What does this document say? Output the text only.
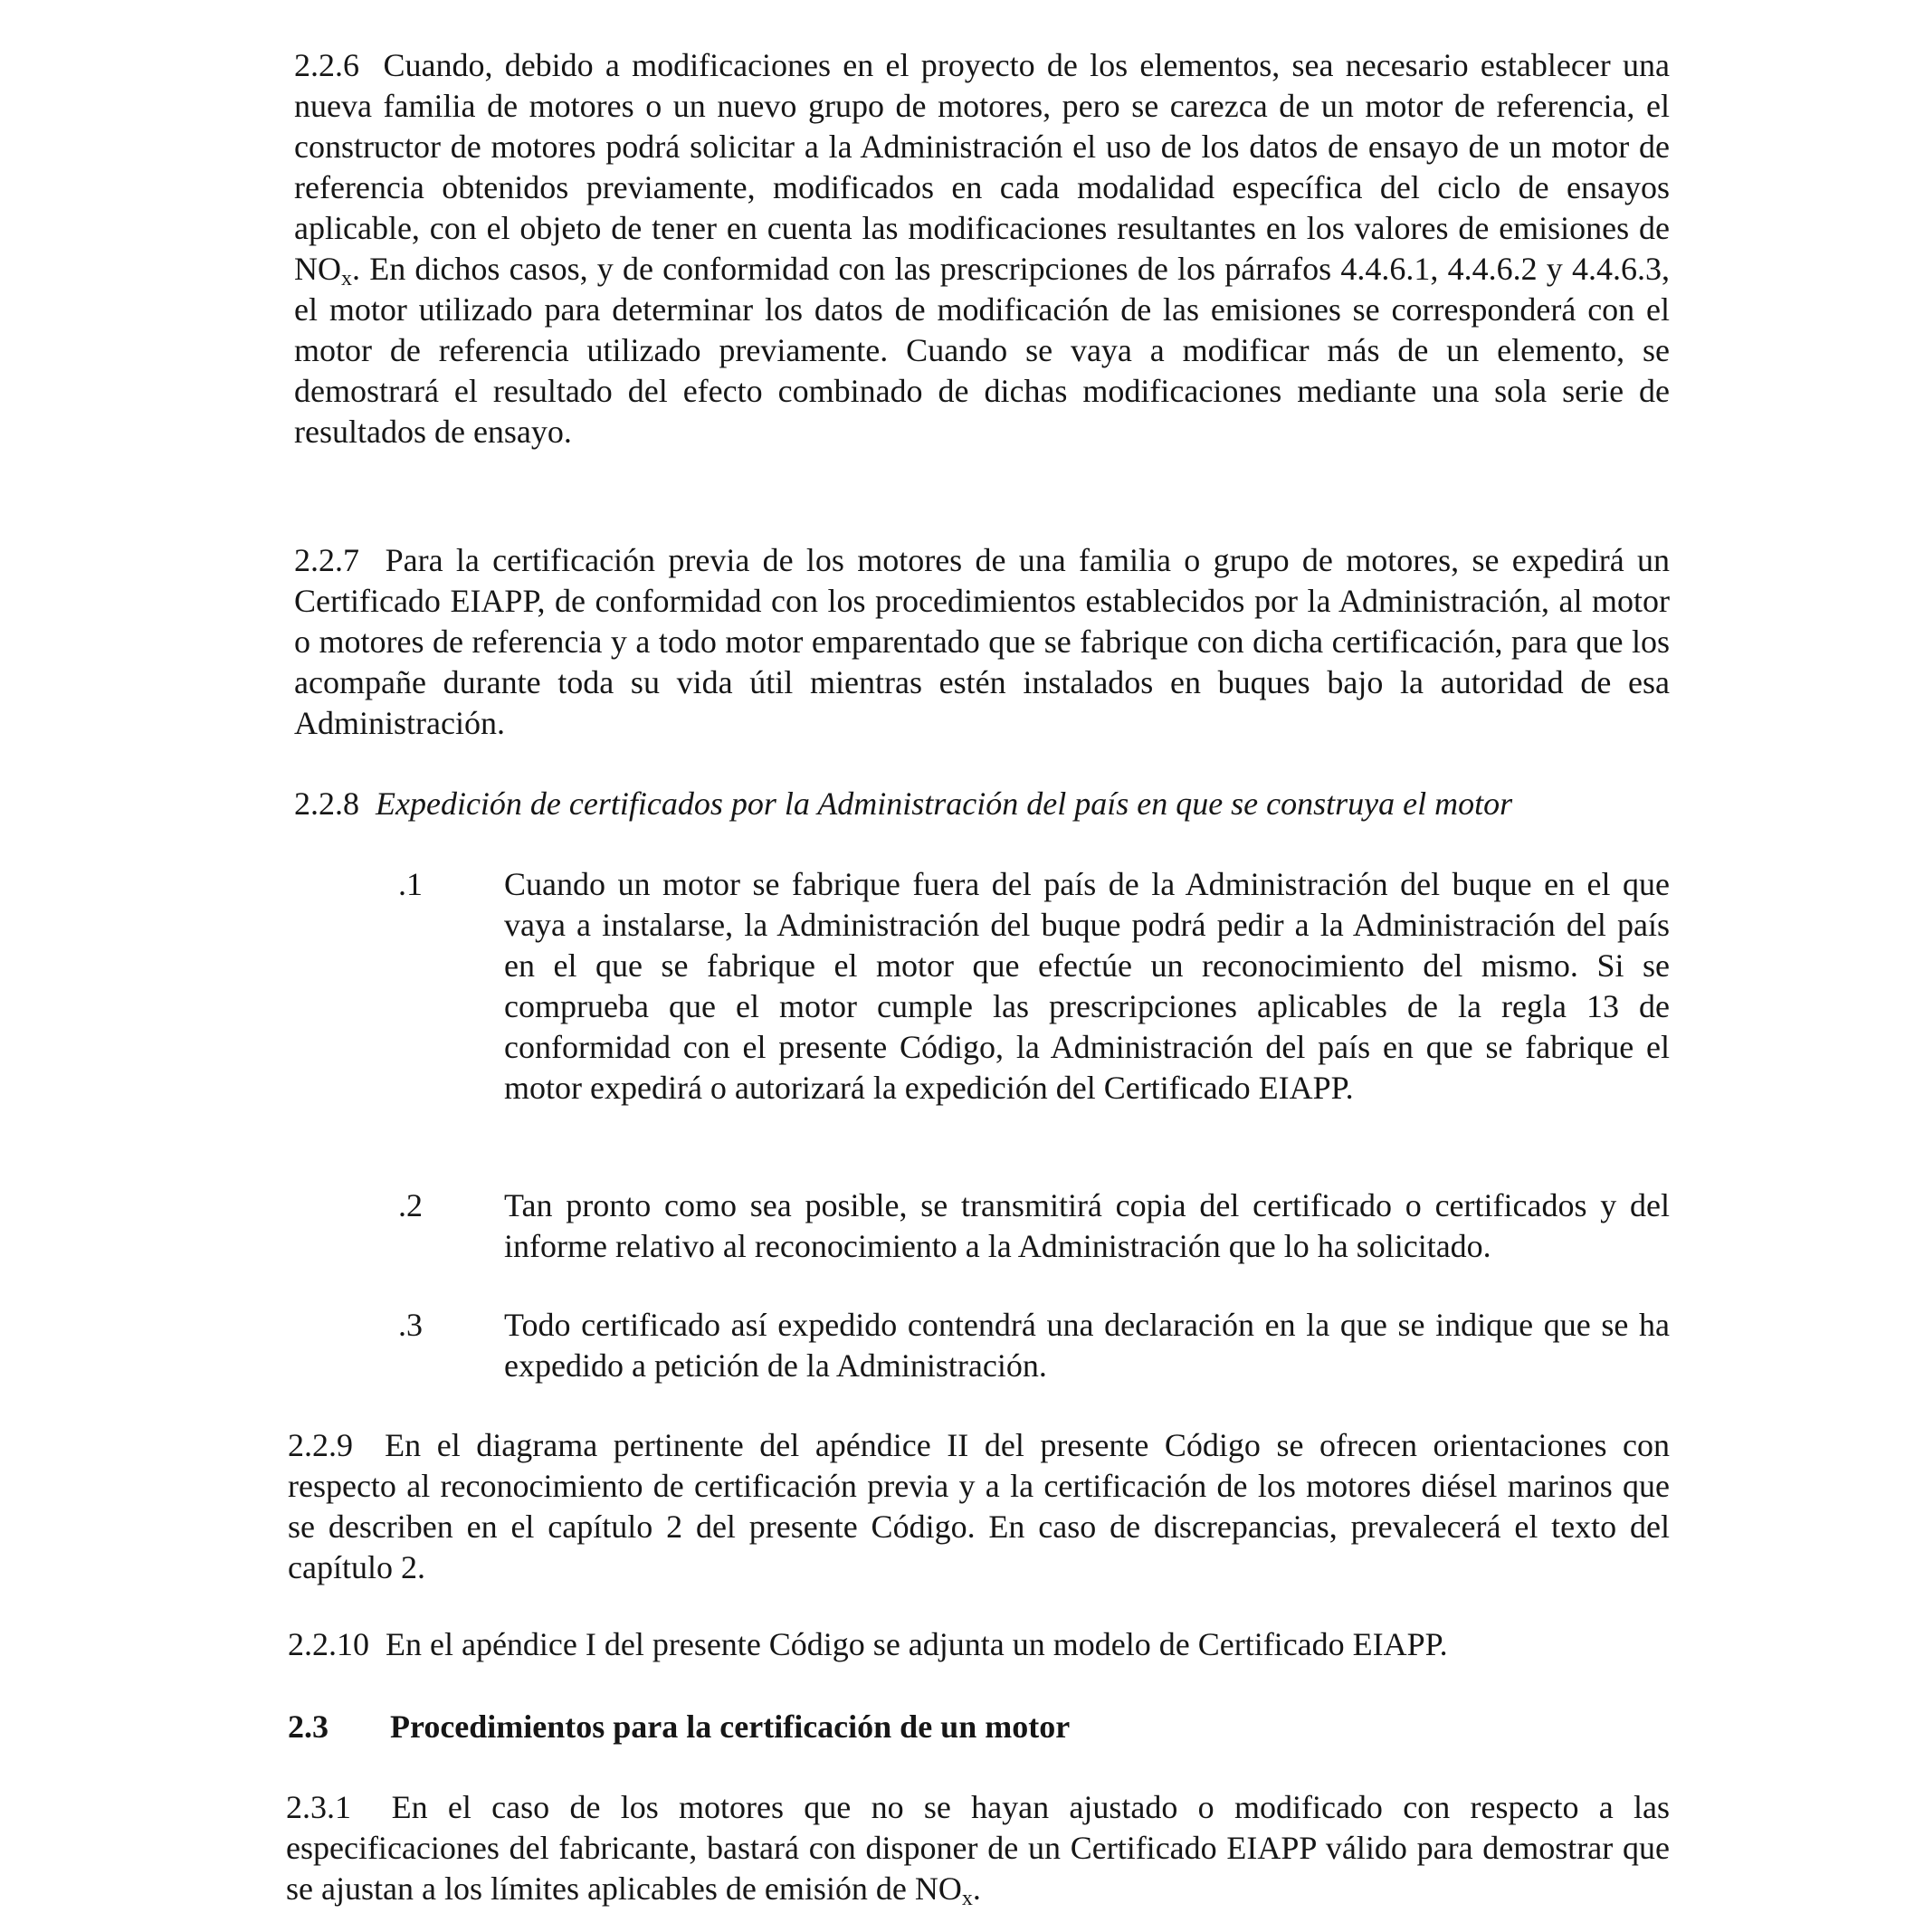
2.2.6 Cuando, debido a modificaciones en el proyecto de los elementos, sea necesario establecer una nueva familia de motores o un nuevo grupo de motores, pero se carezca de un motor de referencia, el constructor de motores podrá solicitar a la Administración el uso de los datos de ensayo de un motor de referencia obtenidos previamente, modificados en cada modalidad específica del ciclo de ensayos aplicable, con el objeto de tener en cuenta las modificaciones resultantes en los valores de emisiones de $NO_x$. En dichos casos, y de conformidad con las prescripciones de los párrafos 4.4.6.1, 4.4.6.2 y 4.4.6.3, el motor utilizado para determinar los datos de modificación de las emisiones se corresponderá con el motor de referencia utilizado previamente. Cuando se vaya a modificar más de un elemento, se demostrará el resultado del efecto combinado de dichas modificaciones mediante una sola serie de resultados de ensayo.
2.2.7 Para la certificación previa de los motores de una familia o grupo de motores, se expedirá un Certificado EIAPP, de conformidad con los procedimientos establecidos por la Administración, al motor o motores de referencia y a todo motor emparentado que se fabrique con dicha certificación, para que los acompañe durante toda su vida útil mientras estén instalados en buques bajo la autoridad de esa Administración.
2.2.8 Expedición de certificados por la Administración del país en que se construya el motor
.1	Cuando un motor se fabrique fuera del país de la Administración del buque en el que vaya a instalarse, la Administración del buque podrá pedir a la Administración del país en el que se fabrique el motor que efectúe un reconocimiento del mismo. Si se comprueba que el motor cumple las prescripciones aplicables de la regla 13 de conformidad con el presente Código, la Administración del país en que se fabrique el motor expedirá o autorizará la expedición del Certificado EIAPP.
.2	Tan pronto como sea posible, se transmitirá copia del certificado o certificados y del informe relativo al reconocimiento a la Administración que lo ha solicitado.
.3	Todo certificado así expedido contendrá una declaración en la que se indique que se ha expedido a petición de la Administración.
2.2.9 En el diagrama pertinente del apéndice II del presente Código se ofrecen orientaciones con respecto al reconocimiento de certificación previa y a la certificación de los motores diésel marinos que se describen en el capítulo 2 del presente Código. En caso de discrepancias, prevalecerá el texto del capítulo 2.
2.2.10 En el apéndice I del presente Código se adjunta un modelo de Certificado EIAPP.
2.3 Procedimientos para la certificación de un motor
2.3.1 En el caso de los motores que no se hayan ajustado o modificado con respecto a las especificaciones del fabricante, bastará con disponer de un Certificado EIAPP válido para demostrar que se ajustan a los límites aplicables de emisión de $NO_x$.
